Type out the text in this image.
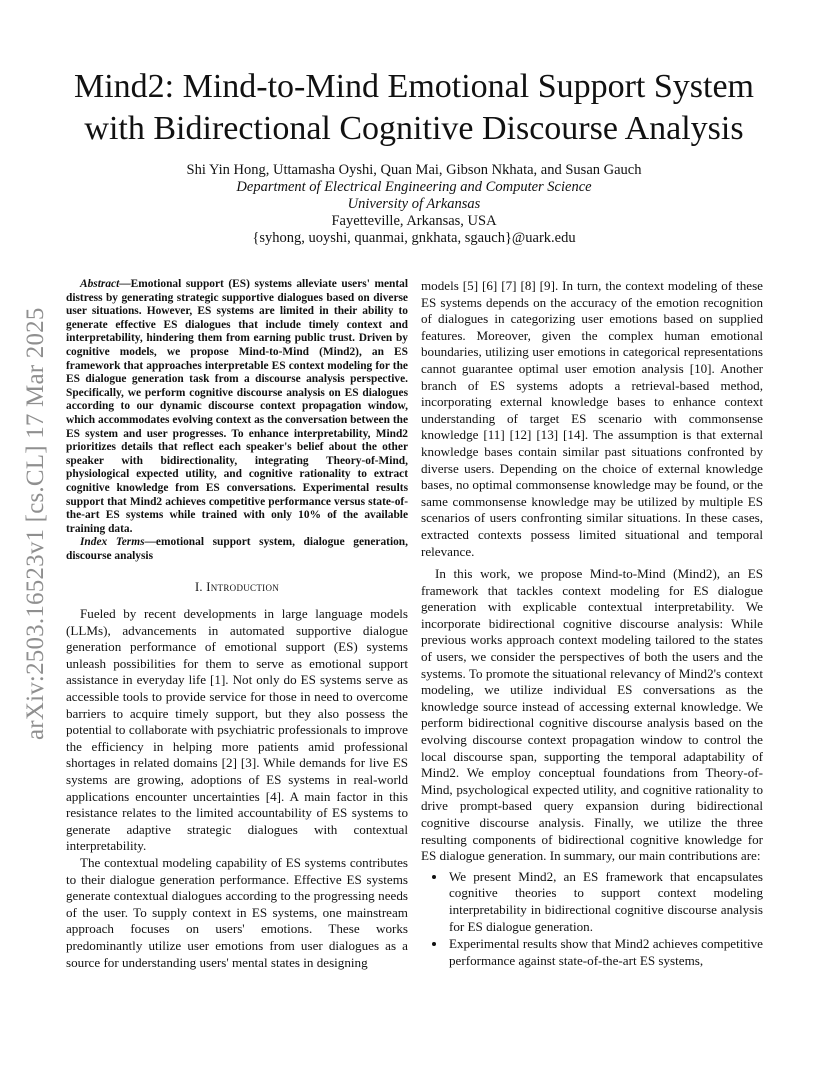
arXiv:2503.16523v1 [cs.CL] 17 Mar 2025
Mind2: Mind-to-Mind Emotional Support System with Bidirectional Cognitive Discourse Analysis
Shi Yin Hong, Uttamasha Oyshi, Quan Mai, Gibson Nkhata, and Susan Gauch
Department of Electrical Engineering and Computer Science
University of Arkansas
Fayetteville, Arkansas, USA
{syhong, uoyshi, quanmai, gnkhata, sgauch}@uark.edu

Abstract—Emotional support (ES) systems alleviate users' mental distress by generating strategic supportive dialogues based on diverse user situations. However, ES systems are limited in their ability to generate effective ES dialogues that include timely context and interpretability, hindering them from earning public trust. Driven by cognitive models, we propose Mind-to-Mind (Mind2), an ES framework that approaches interpretable ES context modeling for the ES dialogue generation task from a discourse analysis perspective. Specifically, we perform cognitive discourse analysis on ES dialogues according to our dynamic discourse context propagation window, which accommodates evolving context as the conversation between the ES system and user progresses. To enhance interpretability, Mind2 prioritizes details that reflect each speaker's belief about the other speaker with bidirectionality, integrating Theory-of-Mind, physiological expected utility, and cognitive rationality to extract cognitive knowledge from ES conversations. Experimental results support that Mind2 achieves competitive performance versus state-of-the-art ES systems while trained with only 10% of the available training data.

Index Terms—emotional support system, dialogue generation, discourse analysis

I. Introduction

Fueled by recent developments in large language models (LLMs), advancements in automated supportive dialogue generation performance of emotional support (ES) systems unleash possibilities for them to serve as emotional support assistance in everyday life [1]. Not only do ES systems serve as accessible tools to provide service for those in need to overcome barriers to acquire timely support, but they also possess the potential to collaborate with psychiatric professionals to improve the efficiency in helping more patients amid professional shortages in related domains [2] [3]. While demands for live ES systems are growing, adoptions of ES systems in real-world applications encounter uncertainties [4]. A main factor in this resistance relates to the limited accountability of ES systems to generate adaptive strategic dialogues with contextual interpretability.

The contextual modeling capability of ES systems contributes to their dialogue generation performance. Effective ES systems generate contextual dialogues according to the progressing needs of the user. To supply context in ES systems, one mainstream approach focuses on users' emotions. These works predominantly utilize user emotions from user dialogues as a source for understanding users' mental states in designing

models [5] [6] [7] [8] [9]. In turn, the context modeling of these ES systems depends on the accuracy of the emotion recognition of dialogues in categorizing user emotions based on supplied features. Moreover, given the complex human emotional boundaries, utilizing user emotions in categorical representations cannot guarantee optimal user emotion analysis [10]. Another branch of ES systems adopts a retrieval-based method, incorporating external knowledge bases to enhance context understanding of target ES scenario with commonsense knowledge [11] [12] [13] [14]. The assumption is that external knowledge bases contain similar past situations confronted by diverse users. Depending on the choice of external knowledge bases, no optimal commonsense knowledge may be found, or the same commonsense knowledge may be utilized by multiple ES scenarios of users confronting similar situations. In these cases, extracted contexts possess limited situational and temporal relevance.

In this work, we propose Mind-to-Mind (Mind2), an ES framework that tackles context modeling for ES dialogue generation with explicable contextual interpretability. We incorporate bidirectional cognitive discourse analysis: While previous works approach context modeling tailored to the states of users, we consider the perspectives of both the users and the systems. To promote the situational relevancy of Mind2's context modeling, we utilize individual ES conversations as the knowledge source instead of accessing external knowledge. We perform bidirectional cognitive discourse analysis based on the evolving discourse context propagation window to control the local discourse span, supporting the temporal adaptability of Mind2. We employ conceptual foundations from Theory-of-Mind, psychological expected utility, and cognitive rationality to drive prompt-based query expansion during bidirectional cognitive discourse analysis. Finally, we utilize the three resulting components of bidirectional cognitive knowledge for ES dialogue generation. In summary, our main contributions are:

• We present Mind2, an ES framework that encapsulates cognitive theories to support context modeling interpretability in bidirectional cognitive discourse analysis for ES dialogue generation.
• Experimental results show that Mind2 achieves competitive performance against state-of-the-art ES systems,
